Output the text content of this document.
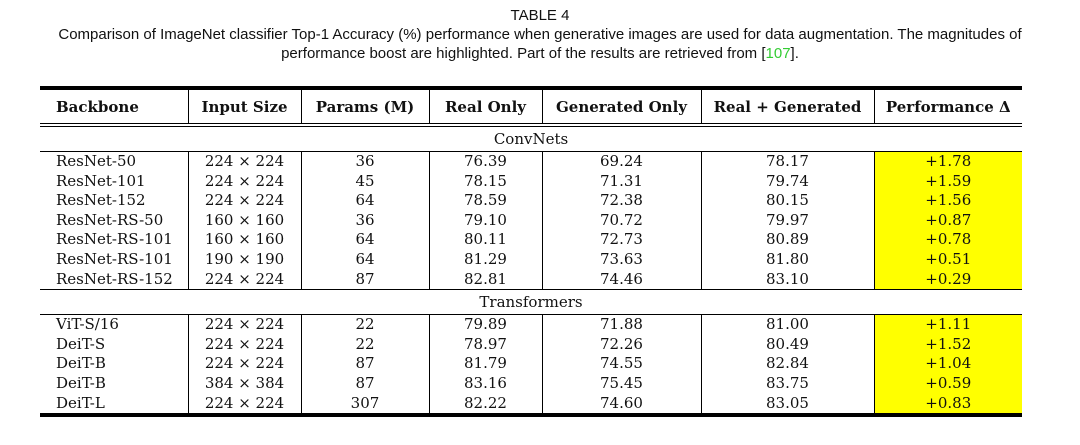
TABLE 4
Comparison of ImageNet classifier Top-1 Accuracy (%) performance when generative images are used for data augmentation. The magnitudes of performance boost are highlighted. Part of the results are retrieved from [107].
Backbone	Input Size	Params (M)	Real Only	Generated Only	Real + Generated	Performance Δ
ConvNets
ResNet-50	224 × 224	36	76.39	69.24	78.17	+1.78
ResNet-101	224 × 224	45	78.15	71.31	79.74	+1.59
ResNet-152	224 × 224	64	78.59	72.38	80.15	+1.56
ResNet-RS-50	160 × 160	36	79.10	70.72	79.97	+0.87
ResNet-RS-101	160 × 160	64	80.11	72.73	80.89	+0.78
ResNet-RS-101	190 × 190	64	81.29	73.63	81.80	+0.51
ResNet-RS-152	224 × 224	87	82.81	74.46	83.10	+0.29
Transformers
ViT-S/16	224 × 224	22	79.89	71.88	81.00	+1.11
DeiT-S	224 × 224	22	78.97	72.26	80.49	+1.52
DeiT-B	224 × 224	87	81.79	74.55	82.84	+1.04
DeiT-B	384 × 384	87	83.16	75.45	83.75	+0.59
DeiT-L	224 × 224	307	82.22	74.60	83.05	+0.83
